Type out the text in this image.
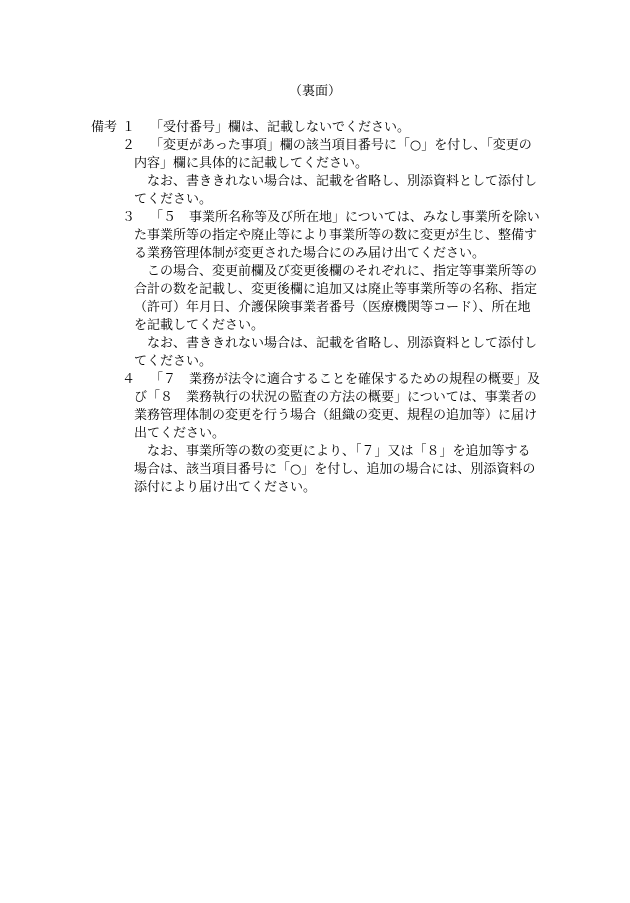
（裏面）
備考 １ 「受付番号」欄は、記載しないでください。
２ 「変更があった事項」欄の該当項目番号に「○」を付し、「変更の
内容」欄に具体的に記載してください。
なお、書ききれない場合は、記載を省略し、別添資料として添付し
てください。
３ 「５　事業所名称等及び所在地」については、みなし事業所を除い
た事業所等の指定や廃止等により事業所等の数に変更が生じ、整備す
る業務管理体制が変更された場合にのみ届け出てください。
この場合、変更前欄及び変更後欄のそれぞれに、指定等事業所等の
合計の数を記載し、変更後欄に追加又は廃止等事業所等の名称、指定
（許可）年月日、介護保険事業者番号（医療機関等コード）、所在地
を記載してください。
なお、書ききれない場合は、記載を省略し、別添資料として添付し
てください。
４ 「７　業務が法令に適合することを確保するための規程の概要」及
び「８　業務執行の状況の監査の方法の概要」については、事業者の
業務管理体制の変更を行う場合（組織の変更、規程の追加等）に届け
出てください。
なお、事業所等の数の変更により、「７」又は「８」を追加等する
場合は、該当項目番号に「○」を付し、追加の場合には、別添資料の
添付により届け出てください。
